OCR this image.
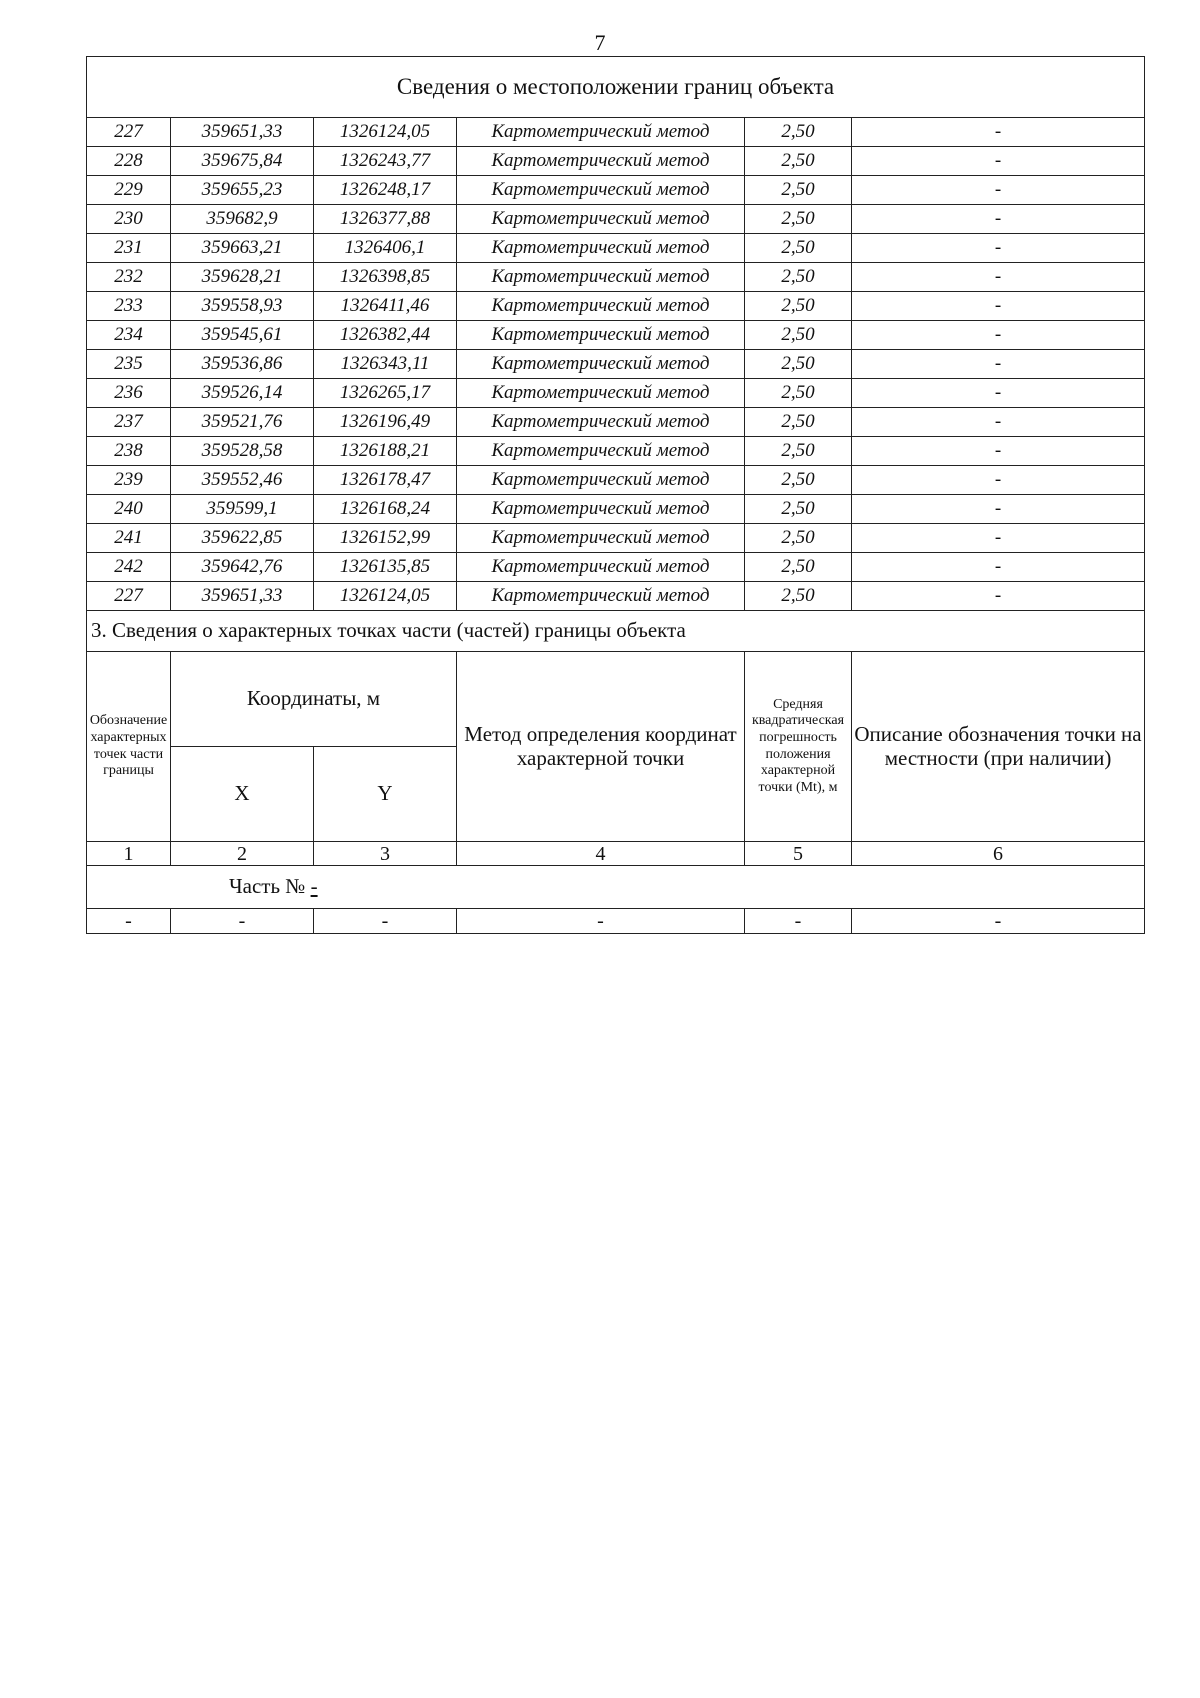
7
Сведения о местоположении границ объекта					
227	359651,33	1326124,05	Картометрический метод	2,50	-
228	359675,84	1326243,77	Картометрический метод	2,50	-
229	359655,23	1326248,17	Картометрический метод	2,50	-
230	359682,9	1326377,88	Картометрический метод	2,50	-
231	359663,21	1326406,1	Картометрический метод	2,50	-
232	359628,21	1326398,85	Картометрический метод	2,50	-
233	359558,93	1326411,46	Картометрический метод	2,50	-
234	359545,61	1326382,44	Картометрический метод	2,50	-
235	359536,86	1326343,11	Картометрический метод	2,50	-
236	359526,14	1326265,17	Картометрический метод	2,50	-
237	359521,76	1326196,49	Картометрический метод	2,50	-
238	359528,58	1326188,21	Картометрический метод	2,50	-
239	359552,46	1326178,47	Картометрический метод	2,50	-
240	359599,1	1326168,24	Картометрический метод	2,50	-
241	359622,85	1326152,99	Картометрический метод	2,50	-
242	359642,76	1326135,85	Картометрический метод	2,50	-
227	359651,33	1326124,05	Картометрический метод	2,50	-
3. Сведения о характерных точках части (частей) границы объекта					
Обозначение характерных точек части границы	Координаты, м		Метод определения координат характерной точки	Средняя квадратическая погрешность положения характерной точки (Mt), м	Описание обозначения точки на местности (при наличии)
	X	Y			
1	2	3	4	5	6
Часть № -					
-	-	-	-	-	-
